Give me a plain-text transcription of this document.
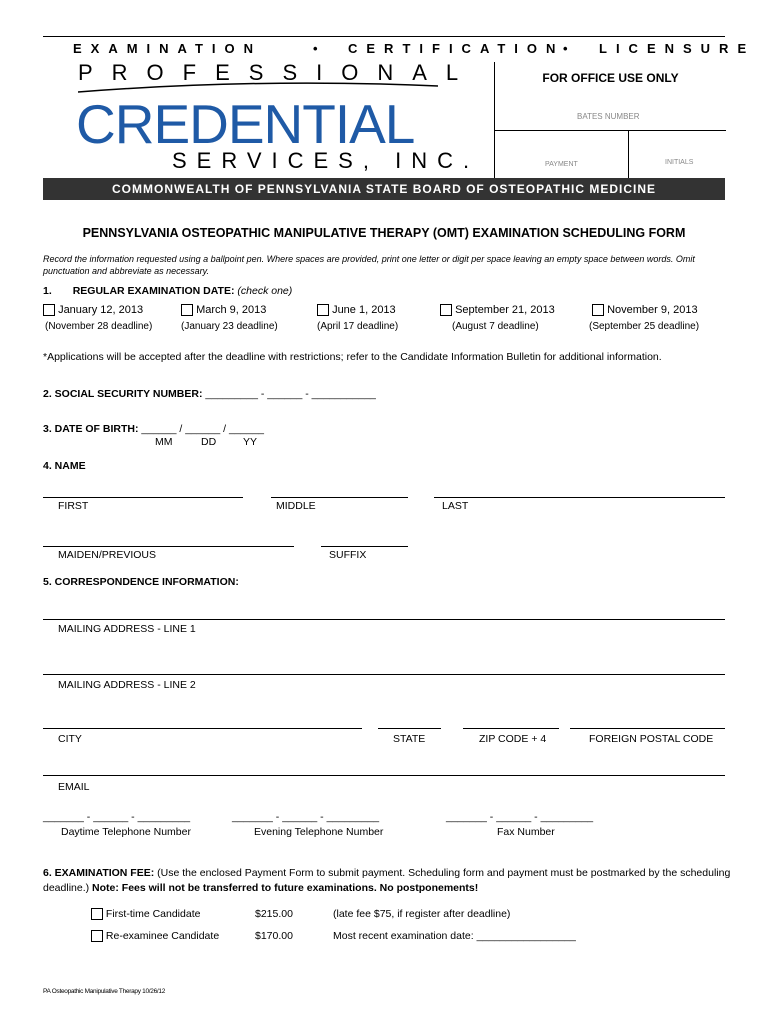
EXAMINATION	• CERTIFICATION
• LICENSURE
PROFESSIONAL
CREDENTIAL
SERVICES, INC.
FOR OFFICE USE ONLY
BATES NUMBER
PAYMENT	INITIALS
COMMONWEALTH OF PENNSYLVANIA STATE BOARD OF OSTEOPATHIC MEDICINE
PENNSYLVANIA OSTEOPATHIC MANIPULATIVE THERAPY (OMT) EXAMINATION SCHEDULING FORM
Record the information requested using a ballpoint pen. Where spaces are provided, print one letter or digit per space leaving an empty space between words. Omit punctuation and abbreviate as necessary.
1. REGULAR EXAMINATION DATE: (check one)
January 12, 2013
(November 28 deadline)
March 9, 2013
(January 23 deadline)
June 1, 2013
(April 17 deadline)
September 21, 2013
(August 7 deadline)
November 9, 2013
(September 25 deadline)
*Applications will be accepted after the deadline with restrictions; refer to the Candidate Information Bulletin for additional information.
2. SOCIAL SECURITY NUMBER: _________ - ______ - ___________
3. DATE OF BIRTH: ______ / ______ / ______
MM	DD	YY
4. NAME
FIRST	MIDDLE	LAST
MAIDEN/PREVIOUS	SUFFIX
5. CORRESPONDENCE INFORMATION:
MAILING ADDRESS - LINE 1
MAILING ADDRESS - LINE 2
CITY	STATE	ZIP CODE + 4	FOREIGN POSTAL CODE
EMAIL
_______ - ______ - _________	_______ - ______ - _________	_______ - ______ - _________
Daytime Telephone Number	Evening Telephone Number	Fax Number
6. EXAMINATION FEE: (Use the enclosed Payment Form to submit payment. Scheduling form and payment must be postmarked by the scheduling deadline.) Note: Fees will not be transferred to future examinations. No postponements!
First-time Candidate	$215.00	(late fee $75, if register after deadline)
Re-examinee Candidate	$170.00	Most recent examination date: _________________
PA Osteopathic Manipulative Therapy 10/26/12
